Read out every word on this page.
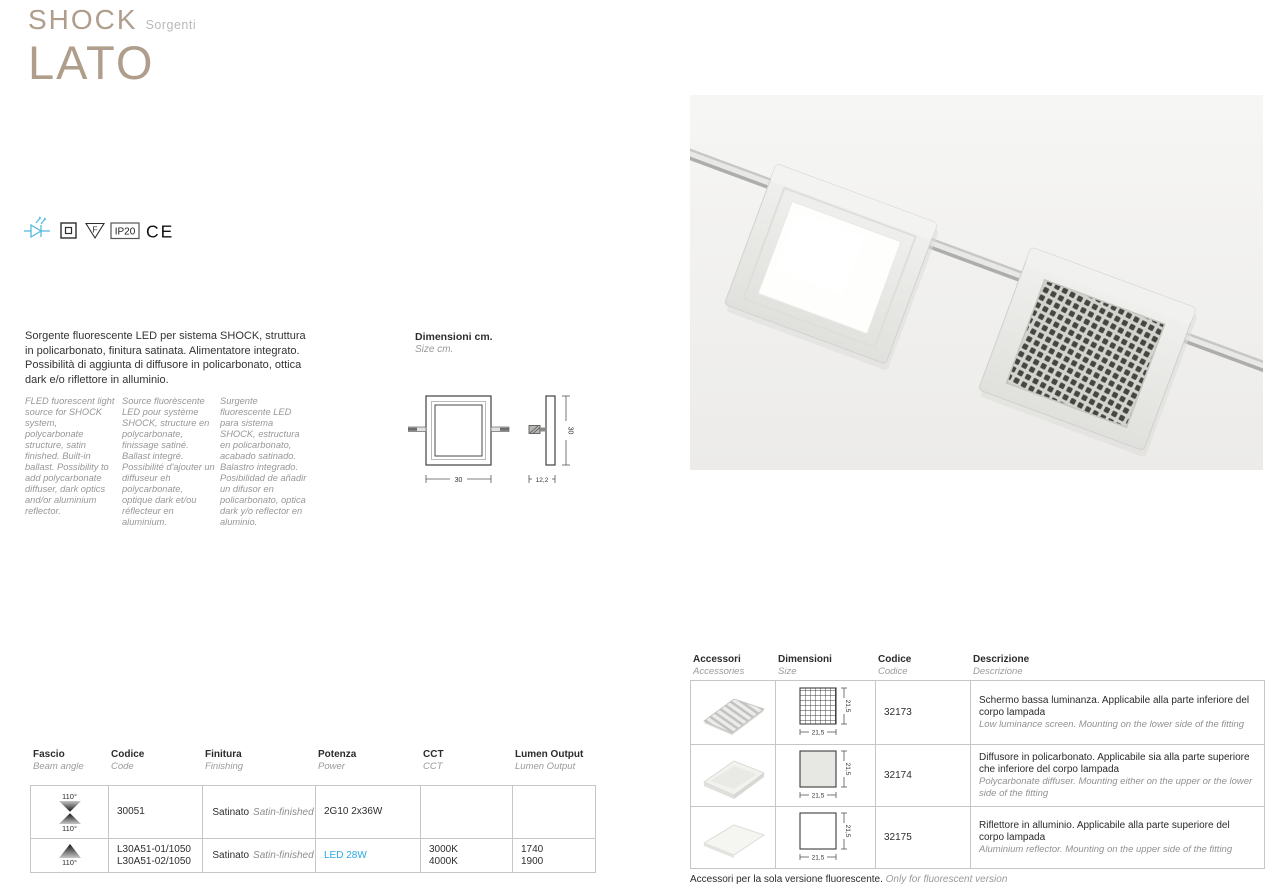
SHOCK Sorgenti
LATO
F IP20 CE
Sorgente fluorescente LED per sistema SHOCK, struttura in policarbonato, finitura satinata. Alimentatore integrato. Possibilità di aggiunta di diffusore in policarbonato, ottica dark e/o riflettore in alluminio.
FLED fuorescent light source for SHOCK system, polycarbonate structure, satin finished. Built-in ballast. Possibility to add polycarbonate diffuser, dark optics and/or aluminium reflector.
Source fluorèscente LED pour système SHOCK, structure en polycarbonate, finissage satiné. Ballast integré. Possibilité d'ajouter un diffuseur eh polycarbonate, optique dark et/ou réflecteur en aluminium.
Surgente fluorescente LED para sistema SHOCK, estructura en policarbonato, acabado satinado. Balastro integrado. Posibilidad de añadir un difusor en policarbonato, optica dark y/o reflector en aluminio.
Dimensioni cm.
Size cm.
30
30
12,2
Accessori
Accessories
Dimensioni
Size
Codice
Codice
Descrizione
Descrizione
21,5
21,5
32173
Schermo bassa luminanza. Applicabile alla parte inferiore del corpo lampada
Low luminance screen. Mounting on the lower side of the fitting
21,5
21,5
32174
Diffusore in policarbonato. Applicabile sia alla parte superiore che inferiore del corpo lampada
Polycarbonate diffuser. Mounting either on the upper or the lower side of the fitting
21,5
21,5
32175
Riflettore in alluminio. Applicabile alla parte superiore del corpo lampada
Aluminium reflector. Mounting on the upper side of the fitting
Accessori per la sola versione fluorescente. Only for fluorescent version
Fascio
Beam angle
Codice
Code
Finitura
Finishing
Potenza
Power
CCT
CCT
Lumen Output
Lumen Output
110°
110°
30051	Satinato Satin-finished 2G10 2x36W
110°
L30A51-01/1050
L30A51-02/1050 Satinato Satin-finished LED 28W
3000K
4000K
1740
1900
